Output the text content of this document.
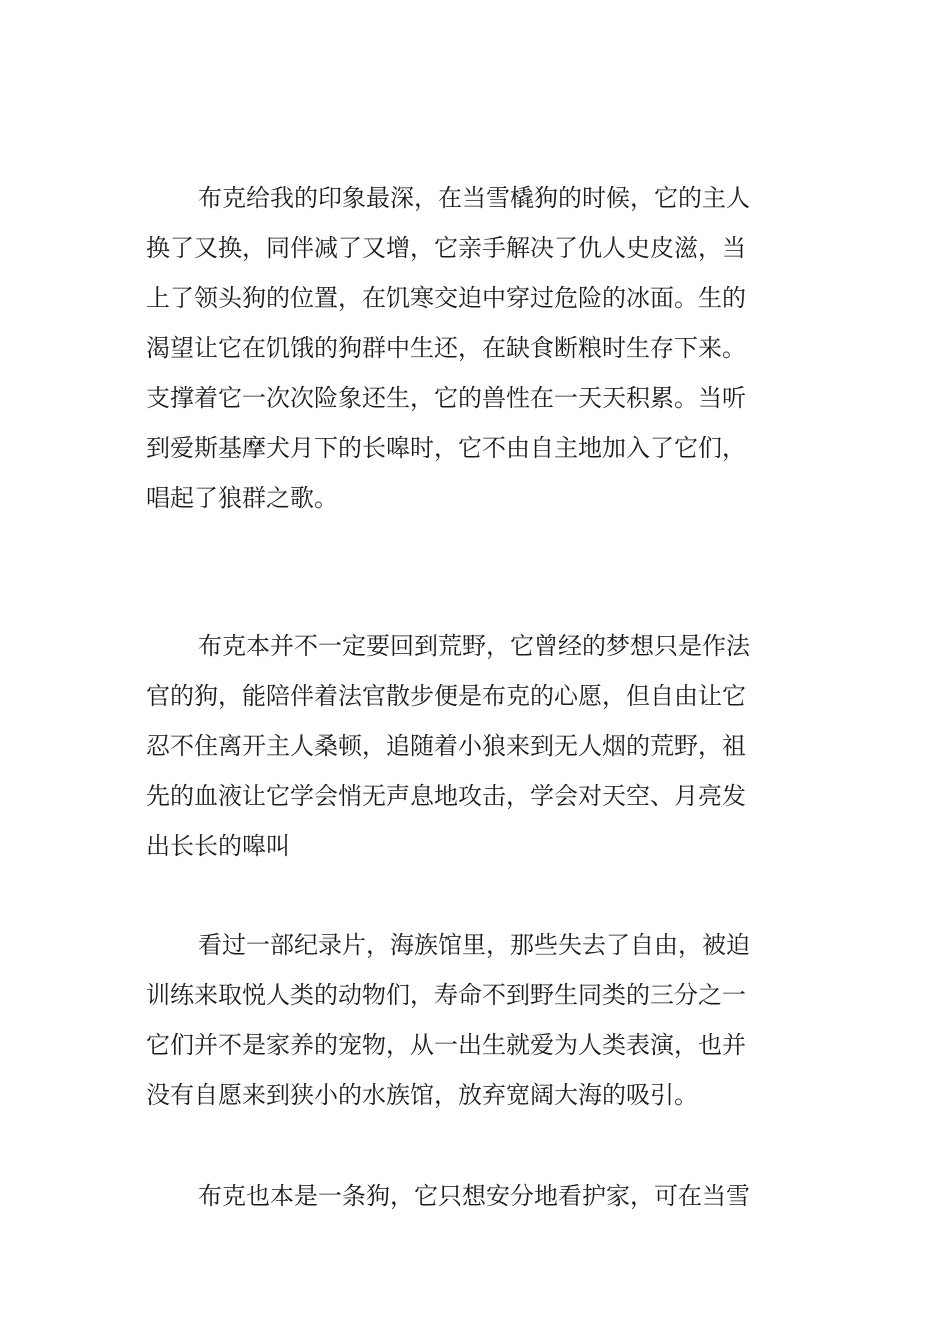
布克给我的印象最深，在当雪橇狗的时候，它的主人
换了又换，同伴减了又增，它亲手解决了仇人史皮滋，当
上了领头狗的位置，在饥寒交迫中穿过危险的冰面。生的
渴望让它在饥饿的狗群中生还，在缺食断粮时生存下来。
支撑着它一次次险象还生，它的兽性在一天天积累。当听
到爱斯基摩犬月下的长嗥时，它不由自主地加入了它们，
唱起了狼群之歌。
布克本并不一定要回到荒野，它曾经的梦想只是作法
官的狗，能陪伴着法官散步便是布克的心愿，但自由让它
忍不住离开主人桑顿，追随着小狼来到无人烟的荒野，祖
先的血液让它学会悄无声息地攻击，学会对天空、月亮发
出长长的嗥叫
看过一部纪录片，海族馆里，那些失去了自由，被迫
训练来取悦人类的动物们，寿命不到野生同类的三分之一
它们并不是家养的宠物，从一出生就爱为人类表演，也并
没有自愿来到狭小的水族馆，放弃宽阔大海的吸引。
布克也本是一条狗，它只想安分地看护家，可在当雪
